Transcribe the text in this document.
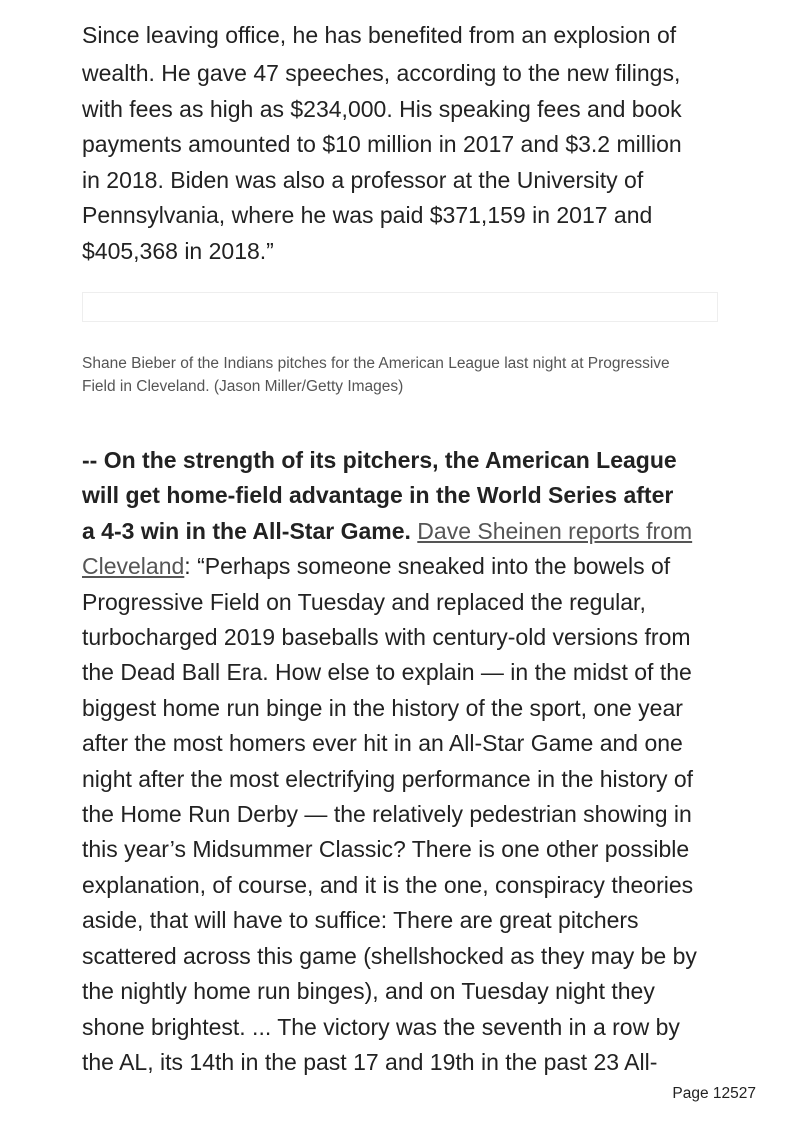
Since leaving office, he has benefited from an explosion of
wealth. He gave 47 speeches, according to the new filings,
with fees as high as $234,000. His speaking fees and book
payments amounted to $10 million in 2017 and $3.2 million
in 2018. Biden was also a professor at the University of
Pennsylvania, where he was paid $371,159 in 2017 and
$405,368 in 2018.”
Shane Bieber of the Indians pitches for the American League last night at Progressive
Field in Cleveland. (Jason Miller/Getty Images)
-- On the strength of its pitchers, the American League
will get home-field advantage in the World Series after
a 4-3 win in the All-Star Game. Dave Sheinen reports from
Cleveland: “Perhaps someone sneaked into the bowels of
Progressive Field on Tuesday and replaced the regular,
turbocharged 2019 baseballs with century-old versions from
the Dead Ball Era. How else to explain — in the midst of the
biggest home run binge in the history of the sport, one year
after the most homers ever hit in an All-Star Game and one
night after the most electrifying performance in the history of
the Home Run Derby — the relatively pedestrian showing in
this year’s Midsummer Classic? There is one other possible
explanation, of course, and it is the one, conspiracy theories
aside, that will have to suffice: There are great pitchers
scattered across this game (shellshocked as they may be by
the nightly home run binges), and on Tuesday night they
shone brightest. ... The victory was the seventh in a row by
the AL, its 14th in the past 17 and 19th in the past 23 All-
Page 12527
